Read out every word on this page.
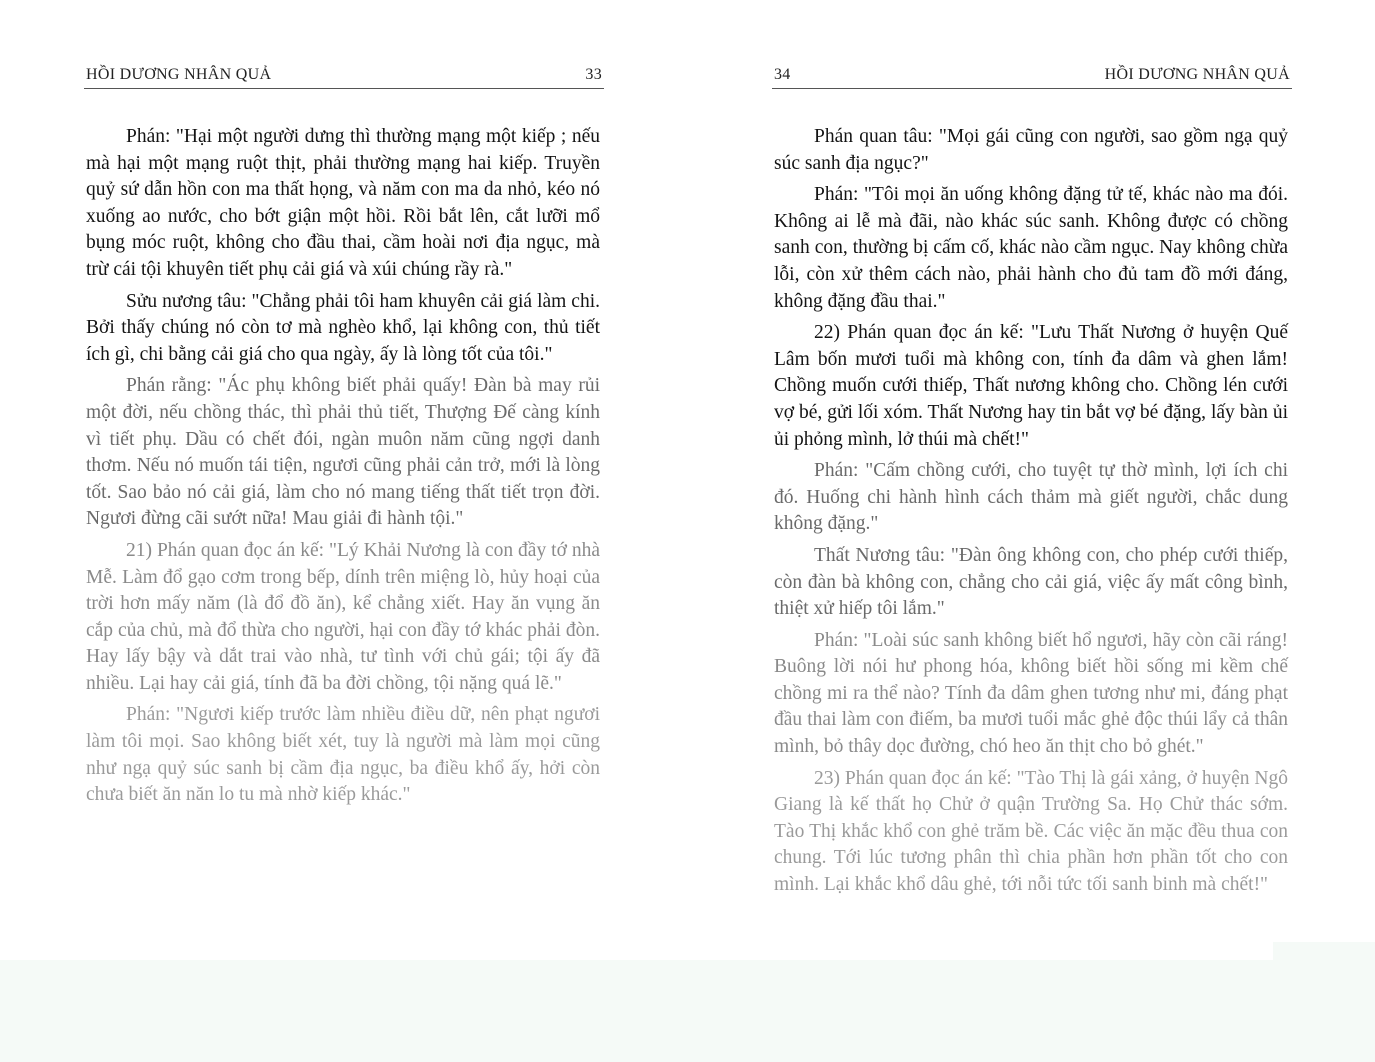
HỒI DƯƠNG NHÂN QUẢ	33

Phán: "Hại một người dưng thì thường mạng một kiếp ; nếu mà hại một mạng ruột thịt, phải thường mạng hai kiếp. Truyền quỷ sứ dẫn hồn con ma thất họng, và năm con ma da nhỏ, kéo nó xuống ao nước, cho bớt giận một hồi. Rồi bắt lên, cắt lưỡi mổ bụng móc ruột, không cho đầu thai, cầm hoài nơi địa ngục, mà trừ cái tội khuyên tiết phụ cải giá và xúi chúng rầy rà."

Sửu nương tâu: "Chẳng phải tôi ham khuyên cải giá làm chi. Bởi thấy chúng nó còn tơ mà nghèo khổ, lại không con, thủ tiết ích gì, chi bằng cải giá cho qua ngày, ấy là lòng tốt của tôi."

Phán rằng: "Ác phụ không biết phải quấy! Đàn bà may rủi một đời, nếu chồng thác, thì phải thủ tiết, Thượng Đế càng kính vì tiết phụ. Dầu có chết đói, ngàn muôn năm cũng ngợi danh thơm. Nếu nó muốn tái tiện, ngươi cũng phải cản trở, mới là lòng tốt. Sao bảo nó cải giá, làm cho nó mang tiếng thất tiết trọn đời. Ngươi đừng cãi sướt nữa! Mau giải đi hành tội."

21) Phán quan đọc án kế: "Lý Khải Nương là con đầy tớ nhà Mễ. Làm đổ gạo cơm trong bếp, dính trên miệng lò, hủy hoại của trời hơn mấy năm (là đổ đồ ăn), kể chẳng xiết. Hay ăn vụng ăn cắp của chủ, mà đổ thừa cho người, hại con đầy tớ khác phải đòn. Hay lấy bậy và dắt trai vào nhà, tư tình với chủ gái; tội ấy đã nhiều. Lại hay cải giá, tính đã ba đời chồng, tội nặng quá lẽ."

Phán: "Ngươi kiếp trước làm nhiều điều dữ, nên phạt ngươi làm tôi mọi. Sao không biết xét, tuy là người mà làm mọi cũng như ngạ quỷ súc sanh bị cầm địa ngục, ba điều khổ ấy, hởi còn chưa biết ăn năn lo tu mà nhờ kiếp khác."

34	HỒI DƯƠNG NHÂN QUẢ

Phán quan tâu: "Mọi gái cũng con người, sao gồm ngạ quỷ súc sanh địa ngục?"

Phán: "Tôi mọi ăn uống không đặng tử tế, khác nào ma đói. Không ai lễ mà đãi, nào khác súc sanh. Không được có chồng sanh con, thường bị cấm cố, khác nào cầm ngục. Nay không chừa lỗi, còn xử thêm cách nào, phải hành cho đủ tam đồ mới đáng, không đặng đầu thai."

22) Phán quan đọc án kế: "Lưu Thất Nương ở huyện Quế Lâm bốn mươi tuổi mà không con, tính đa dâm và ghen lắm! Chồng muốn cưới thiếp, Thất nương không cho. Chồng lén cưới vợ bé, gửi lối xóm. Thất Nương hay tin bắt vợ bé đặng, lấy bàn ủi ủi phỏng mình, lở thúi mà chết!"

Phán: "Cấm chồng cưới, cho tuyệt tự thờ mình, lợi ích chi đó. Huống chi hành hình cách thảm mà giết người, chắc dung không đặng."

Thất Nương tâu: "Đàn ông không con, cho phép cưới thiếp, còn đàn bà không con, chẳng cho cải giá, việc ấy mất công bình, thiệt xử hiếp tôi lắm."

Phán: "Loài súc sanh không biết hổ ngươi, hãy còn cãi ráng! Buông lời nói hư phong hóa, không biết hồi sống mi kềm chế chồng mi ra thể nào? Tính đa dâm ghen tương như mi, đáng phạt đầu thai làm con điếm, ba mươi tuổi mắc ghẻ độc thúi lẩy cả thân mình, bỏ thây dọc đường, chó heo ăn thịt cho bỏ ghét."

23) Phán quan đọc án kế: "Tào Thị là gái xảng, ở huyện Ngô Giang là kế thất họ Chử ở quận Trường Sa. Họ Chử thác sớm. Tào Thị khắc khổ con ghẻ trăm bề. Các việc ăn mặc đều thua con chung. Tới lúc tương phân thì chia phần hơn phần tốt cho con mình. Lại khắc khổ dâu ghẻ, tới nỗi tức tối sanh binh mà chết!"
